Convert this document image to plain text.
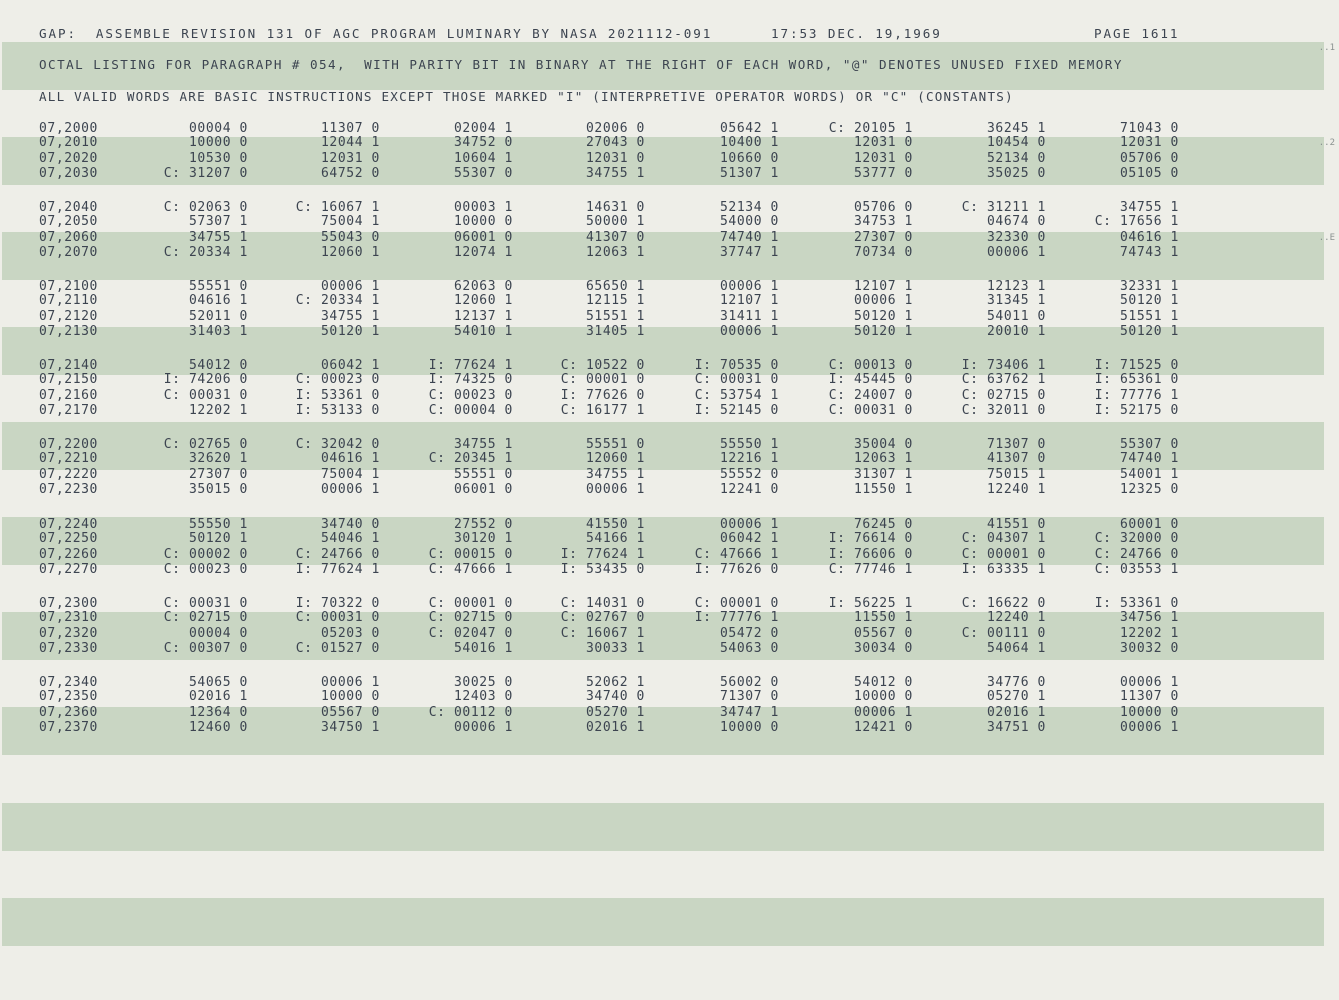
GAP:  ASSEMBLE REVISION 131 OF AGC PROGRAM LUMINARY BY NASA 2021112-091	17:53 DEC. 19,1969	PAGE 1611
OCTAL LISTING FOR PARAGRAPH # 054,  WITH PARITY BIT IN BINARY AT THE RIGHT OF EACH WORD, "@" DENOTES UNUSED FIXED MEMORY
ALL VALID WORDS ARE BASIC INSTRUCTIONS EXCEPT THOSE MARKED "I" (INTERPRETIVE OPERATOR WORDS) OR "C" (CONSTANTS)
..1
..2
..E
07,2000	00004 0	11307 0	02004 1	02006 0	05642 1	C: 20105 1	36245 1	71043 0
07,2010	10000 0	12044 1	34752 0	27043 0	10400 1	12031 0	10454 0	12031 0
07,2020	10530 0	12031 0	10604 1	12031 0	10660 0	12031 0	52134 0	05706 0
07,2030	C: 31207 0	64752 0	55307 0	34755 1	51307 1	53777 0	35025 0	05105 0
07,2040	C: 02063 0	C: 16067 1	00003 1	14631 0	52134 0	05706 0	C: 31211 1	34755 1
07,2050	57307 1	75004 1	10000 0	50000 1	54000 0	34753 1	04674 0	C: 17656 1
07,2060	34755 1	55043 0	06001 0	41307 0	74740 1	27307 0	32330 0	04616 1
07,2070	C: 20334 1	12060 1	12074 1	12063 1	37747 1	70734 0	00006 1	74743 1
07,2100	55551 0	00006 1	62063 0	65650 1	00006 1	12107 1	12123 1	32331 1
07,2110	04616 1	C: 20334 1	12060 1	12115 1	12107 1	00006 1	31345 1	50120 1
07,2120	52011 0	34755 1	12137 1	51551 1	31411 1	50120 1	54011 0	51551 1
07,2130	31403 1	50120 1	54010 1	31405 1	00006 1	50120 1	20010 1	50120 1
07,2140	54012 0	06042 1	I: 77624 1	C: 10522 0	I: 70535 0	C: 00013 0	I: 73406 1	I: 71525 0
07,2150	I: 74206 0	C: 00023 0	I: 74325 0	C: 00001 0	C: 00031 0	I: 45445 0	C: 63762 1	I: 65361 0
07,2160	C: 00031 0	I: 53361 0	C: 00023 0	I: 77626 0	C: 53754 1	C: 24007 0	C: 02715 0	I: 77776 1
07,2170	12202 1	I: 53133 0	C: 00004 0	C: 16177 1	I: 52145 0	C: 00031 0	C: 32011 0	I: 52175 0
07,2200	C: 02765 0	C: 32042 0	34755 1	55551 0	55550 1	35004 0	71307 0	55307 0
07,2210	32620 1	04616 1	C: 20345 1	12060 1	12216 1	12063 1	41307 0	74740 1
07,2220	27307 0	75004 1	55551 0	34755 1	55552 0	31307 1	75015 1	54001 1
07,2230	35015 0	00006 1	06001 0	00006 1	12241 0	11550 1	12240 1	12325 0
07,2240	55550 1	34740 0	27552 0	41550 1	00006 1	76245 0	41551 0	60001 0
07,2250	50120 1	54046 1	30120 1	54166 1	06042 1	I: 76614 0	C: 04307 1	C: 32000 0
07,2260	C: 00002 0	C: 24766 0	C: 00015 0	I: 77624 1	C: 47666 1	I: 76606 0	C: 00001 0	C: 24766 0
07,2270	C: 00023 0	I: 77624 1	C: 47666 1	I: 53435 0	I: 77626 0	C: 77746 1	I: 63335 1	C: 03553 1
07,2300	C: 00031 0	I: 70322 0	C: 00001 0	C: 14031 0	C: 00001 0	I: 56225 1	C: 16622 0	I: 53361 0
07,2310	C: 02715 0	C: 00031 0	C: 02715 0	C: 02767 0	I: 77776 1	11550 1	12240 1	34756 1
07,2320	00004 0	05203 0	C: 02047 0	C: 16067 1	05472 0	05567 0	C: 00111 0	12202 1
07,2330	C: 00307 0	C: 01527 0	54016 1	30033 1	54063 0	30034 0	54064 1	30032 0
07,2340	54065 0	00006 1	30025 0	52062 1	56002 0	54012 0	34776 0	00006 1
07,2350	02016 1	10000 0	12403 0	34740 0	71307 0	10000 0	05270 1	11307 0
07,2360	12364 0	05567 0	C: 00112 0	05270 1	34747 1	00006 1	02016 1	10000 0
07,2370	12460 0	34750 1	00006 1	02016 1	10000 0	12421 0	34751 0	00006 1
